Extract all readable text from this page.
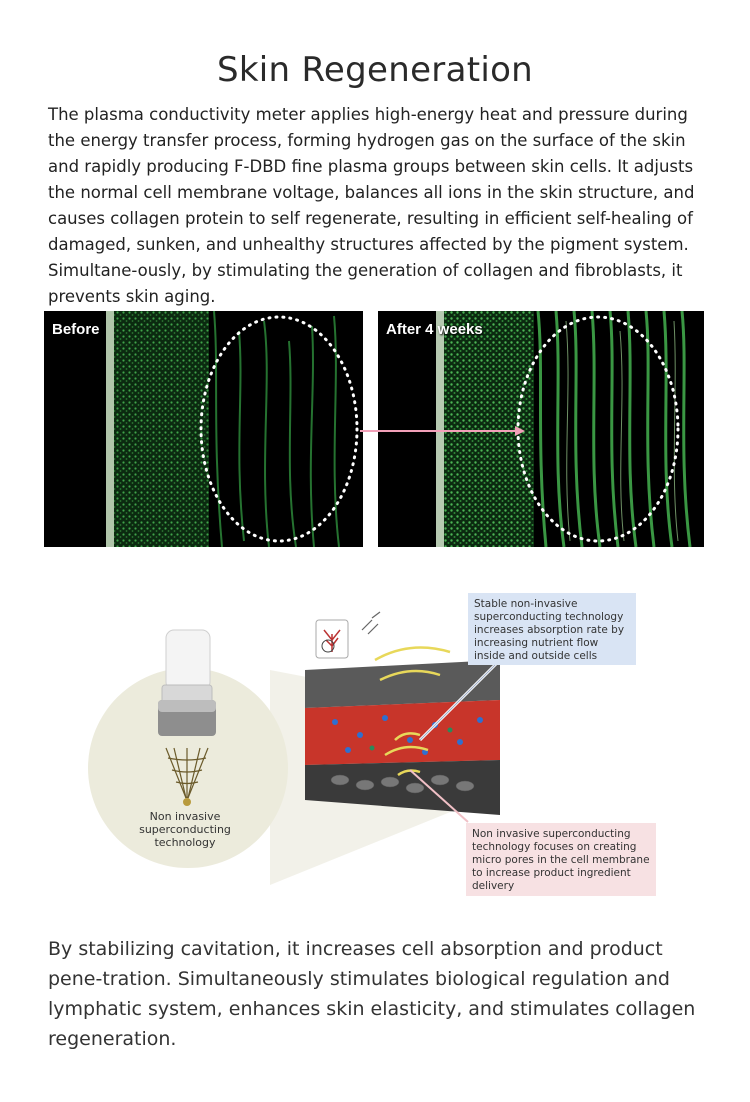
Skin Regeneration

The plasma conductivity meter applies high-energy heat and pressure during the energy transfer process, forming hydrogen gas on the surface of the skin and rapidly producing F-DBD fine plasma groups between skin cells. It adjusts the normal cell membrane voltage, balances all ions in the skin structure, and causes collagen protein to self regenerate, resulting in efficient self-healing of damaged, sunken, and unhealthy structures affected by the pigment system. Simultane-ously, by stimulating the generation of collagen and fibroblasts, it prevents skin aging.

Before	After 4 weeks
Stable non-invasive superconducting technology increases absorption rate by increasing nutrient flow inside and outside cells
Non invasive superconducting technology focuses on creating micro pores in the cell membrane to increase product ingredient delivery
Non invasive superconducting technology

By stabilizing cavitation, it increases cell absorption and product pene-tration. Simultaneously stimulates biological regulation and lymphatic system, enhances skin elasticity, and stimulates collagen regeneration.
